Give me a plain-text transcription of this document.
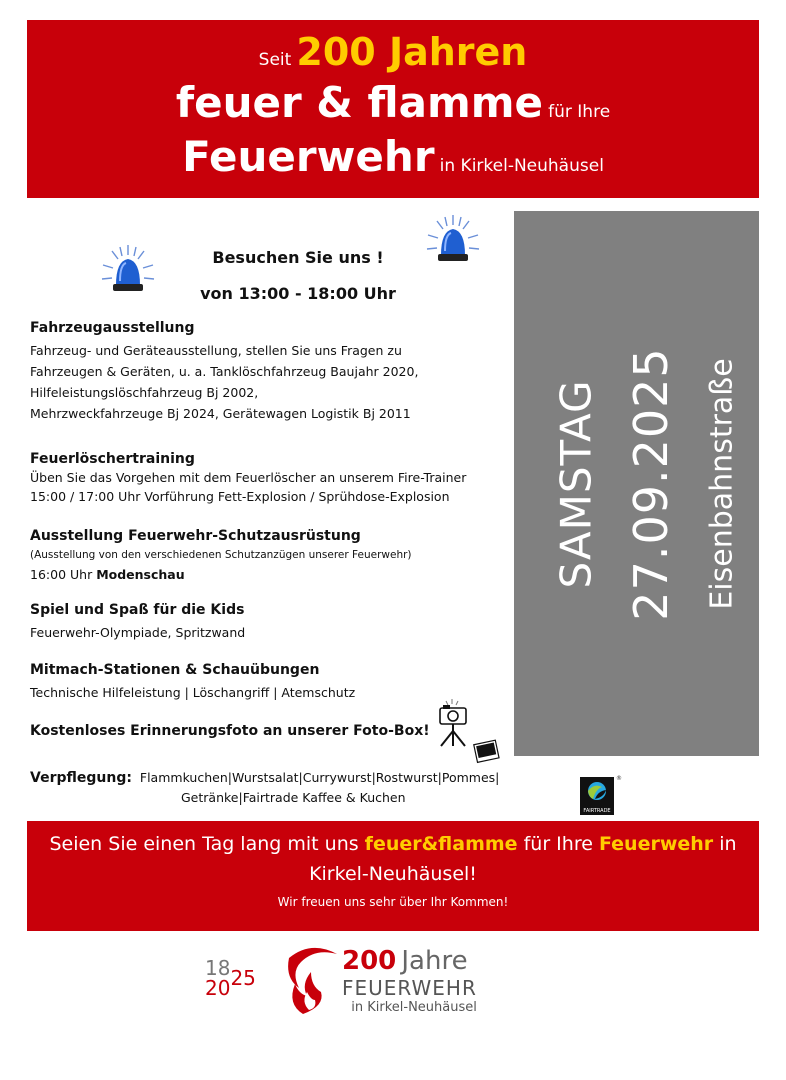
Seit 200 Jahren
feuer & flamme für Ihre
Feuerwehr in Kirkel-Neuhäusel
SAMSTAG 27.09.2025 Eisenbahnstraße
Besuchen Sie uns !
von 13:00 - 18:00 Uhr
Fahrzeugausstellung

Fahrzeug- und Geräteausstellung, stellen Sie uns Fragen zu

Fahrzeugen & Geräten, u. a. Tanklöschfahrzeug Baujahr 2020,

Hilfeleistungslöschfahrzeug Bj 2002,

Mehrzweckfahrzeuge Bj 2024, Gerätewagen Logistik Bj 2011

Feuerlöschertraining

Üben Sie das Vorgehen mit dem Feuerlöscher an unserem Fire-Trainer

15:00 / 17:00 Uhr Vorführung Fett-Explosion / Sprühdose-Explosion

Ausstellung Feuerwehr-Schutzausrüstung

(Ausstellung von den verschiedenen Schutzanzügen unserer Feuerwehr)

16:00 Uhr Modenschau

Spiel und Spaß für die Kids

Feuerwehr-Olympiade, Spritzwand

Mitmach-Stationen & Schauübungen

Technische Hilfeleistung | Löschangriff | Atemschutz

Kostenloses Erinnerungsfoto an unserer Foto-Box!

Verpflegung: Flammkuchen|Wurstsalat|Currywurst|Rostwurst|Pommes|

Getränke|Fairtrade Kaffee & Kuchen

FAIRTRADE
®
Seien Sie einen Tag lang mit uns feuer&flamme für Ihre Feuerwehr in
Kirkel-Neuhäusel!
Wir freuen uns sehr über Ihr Kommen!
18
2025
200 Jahre
FEUERWEHR
in Kirkel-Neuhäusel
